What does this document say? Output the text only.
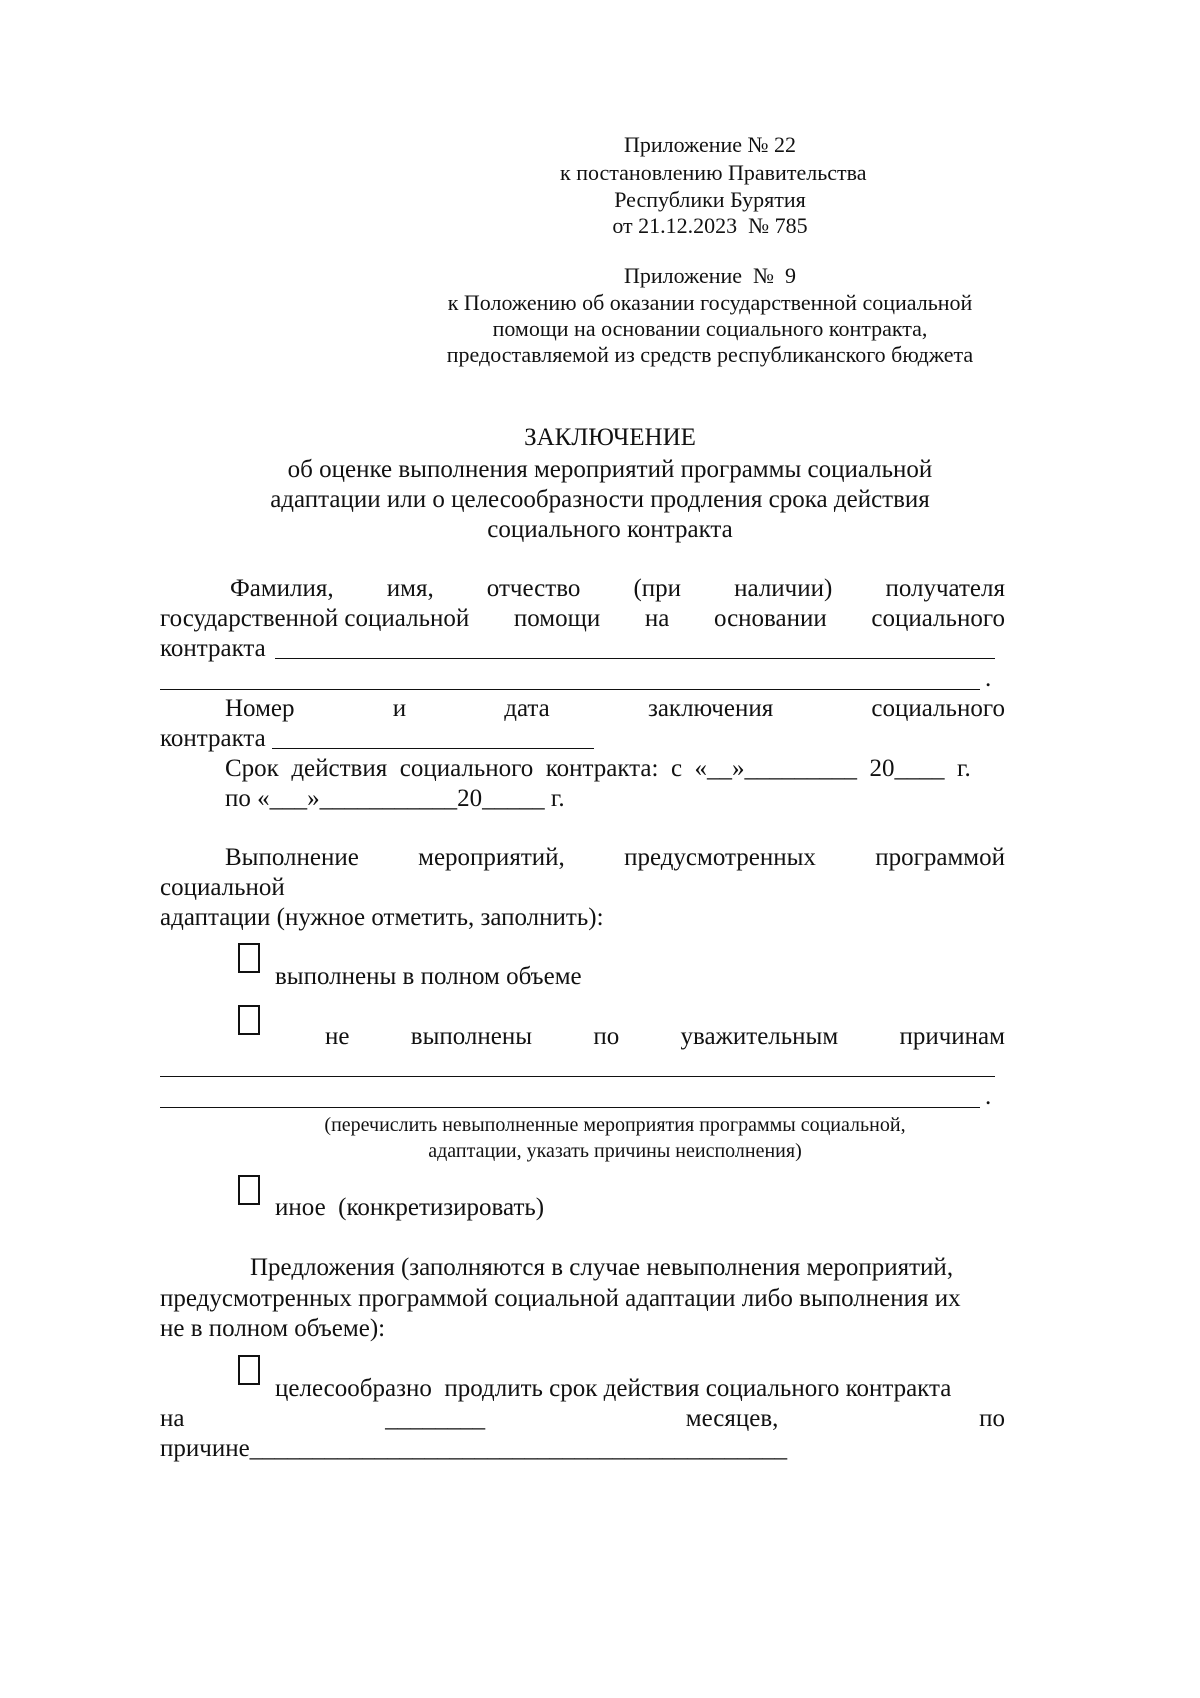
Приложение № 22
к постановлению Правительства
Республики Бурятия
от 21.12.2023  № 785
Приложение  №  9
к Положению об оказании государственной социальной
помощи на основании социального контракта,
предоставляемой из средств республиканского бюджета
ЗАКЛЮЧЕНИЕ
об оценке выполнения мероприятий программы социальной
адаптации или о целесообразности продления срока действия
социального контракта
Фамилия, имя, отчество (при наличии) получателя
государственной социальной помощи на основании социального
контракта
.
Номер	и	дата	заключения	социального
контракта
Срок  действия  социального  контракта:  с  «__»_________  20____  г.
по «___»___________20_____ г.
Выполнение мероприятий, предусмотренных программой
социальной
адаптации (нужное отметить, заполнить):
выполнены в полном объеме
не выполнены по уважительным причинам
.
(перечислить невыполненные мероприятия программы социальной,
адаптации, указать причины неисполнения)
иное  (конкретизировать)
Предложения (заполняются в случае невыполнения мероприятий,
предусмотренных программой социальной адаптации либо выполнения их
не в полном объеме):
целесообразно  продлить срок действия социального контракта
на	________	месяцев,	по
причине___________________________________________
